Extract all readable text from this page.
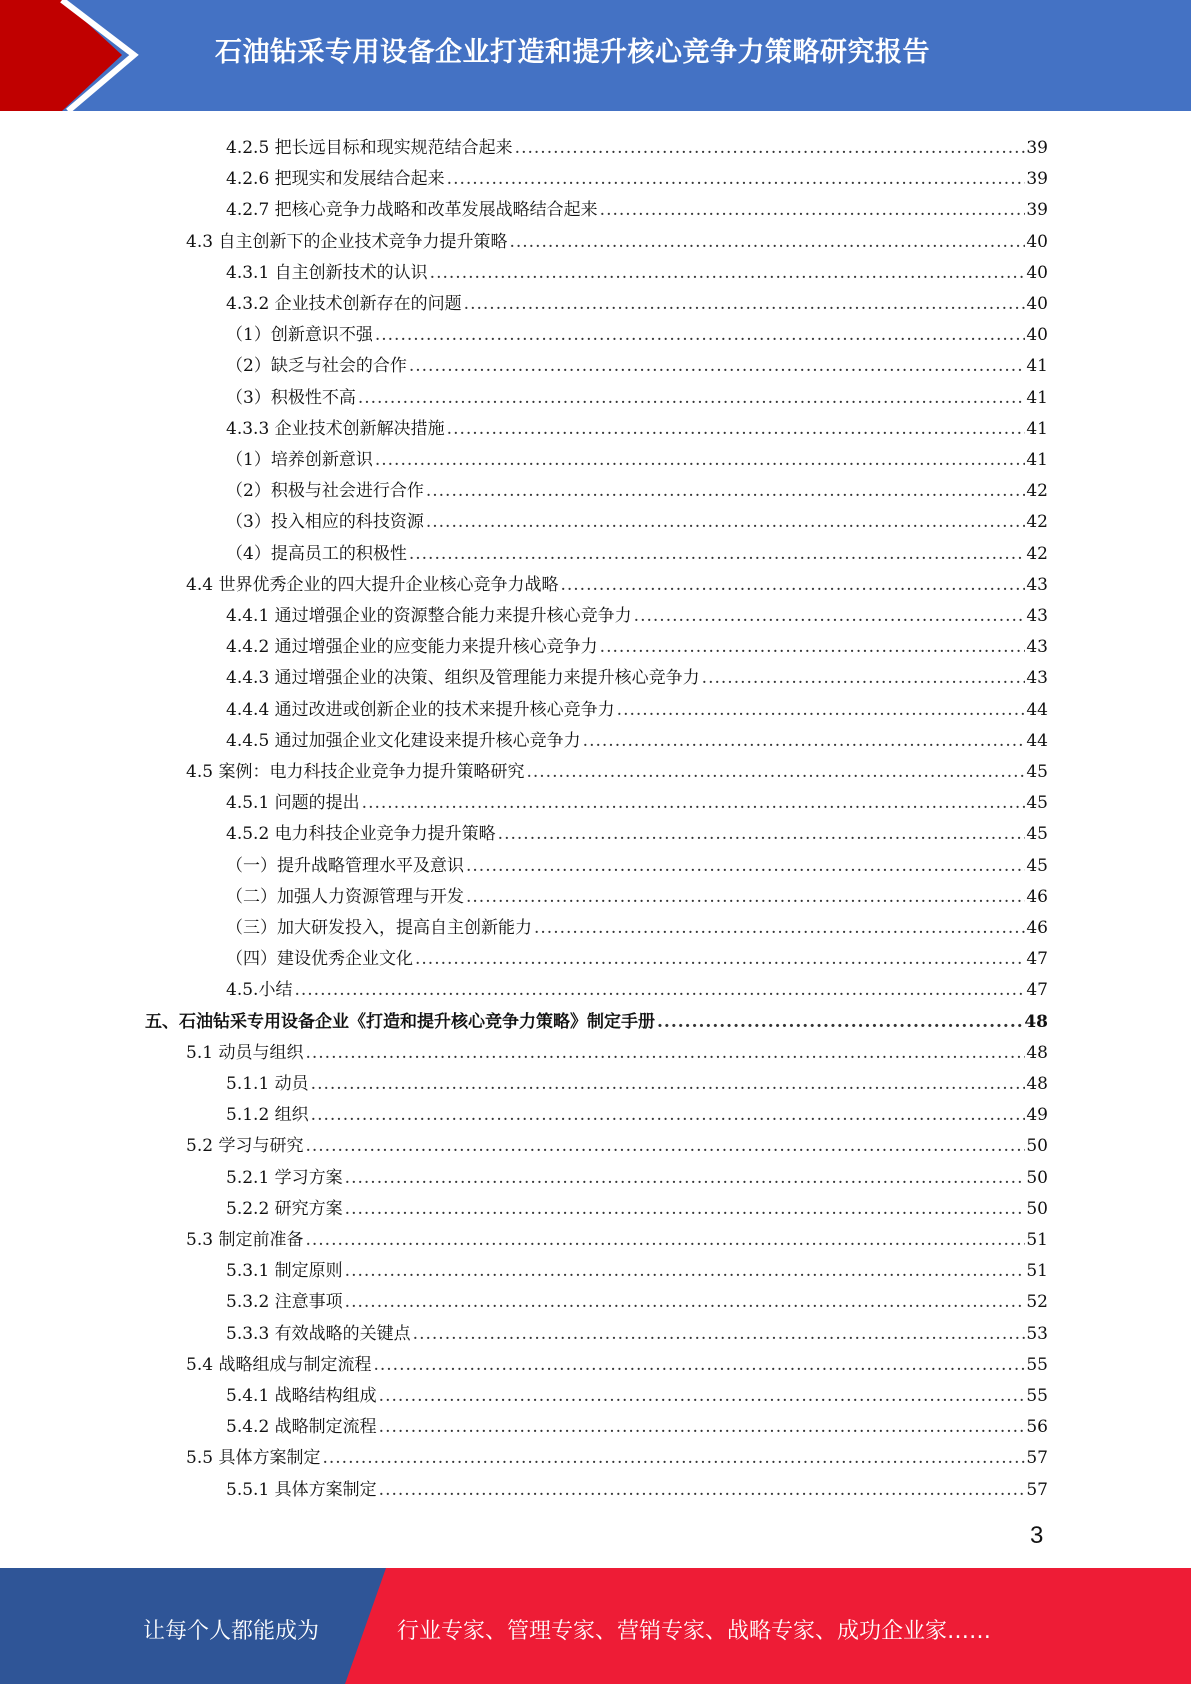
石油钻采专用设备企业打造和提升核心竞争力策略研究报告
4.2.5 把长远目标和现实规范结合起来 .....	39
4.2.6 把现实和发展结合起来 .....	39
4.2.7 把核心竞争力战略和改革发展战略结合起来 .....	39
4.3 自主创新下的企业技术竞争力提升策略 .....	40
4.3.1 自主创新技术的认识 .....	40
4.3.2 企业技术创新存在的问题 .....	40
（1）创新意识不强 .....	40
（2）缺乏与社会的合作 .....	41
（3）积极性不高 .....	41
4.3.3 企业技术创新解决措施 .....	41
（1）培养创新意识 .....	41
（2）积极与社会进行合作 .....	42
（3）投入相应的科技资源 .....	42
（4）提高员工的积极性 .....	42
4.4 世界优秀企业的四大提升企业核心竞争力战略 .....	43
4.4.1 通过增强企业的资源整合能力来提升核心竞争力 .....	43
4.4.2 通过增强企业的应变能力来提升核心竞争力 .....	43
4.4.3 通过增强企业的决策、组织及管理能力来提升核心竞争力 .....	43
4.4.4 通过改进或创新企业的技术来提升核心竞争力 .....	44
4.4.5 通过加强企业文化建设来提升核心竞争力 .....	44
4.5 案例：电力科技企业竞争力提升策略研究 .....	45
4.5.1 问题的提出 .....	45
4.5.2 电力科技企业竞争力提升策略 .....	45
（一）提升战略管理水平及意识 .....	45
（二）加强人力资源管理与开发 .....	46
（三）加大研发投入，提高自主创新能力 .....	46
（四）建设优秀企业文化 .....	47
4.5.小结 .....	47
五、石油钻采专用设备企业《打造和提升核心竞争力策略》制定手册 .....	48
5.1 动员与组织 .....	48
5.1.1 动员 .....	48
5.1.2 组织 .....	49
5.2 学习与研究 .....	50
5.2.1 学习方案 .....	50
5.2.2 研究方案 .....	50
5.3 制定前准备 .....	51
5.3.1 制定原则 .....	51
5.3.2 注意事项 .....	52
5.3.3 有效战略的关键点 .....	53
5.4 战略组成与制定流程 .....	55
5.4.1 战略结构组成 .....	55
5.4.2 战略制定流程 .....	56
5.5 具体方案制定 .....	57
5.5.1 具体方案制定 .....	57
3
让每个人都能成为	行业专家、管理专家、营销专家、战略专家、成功企业家……
